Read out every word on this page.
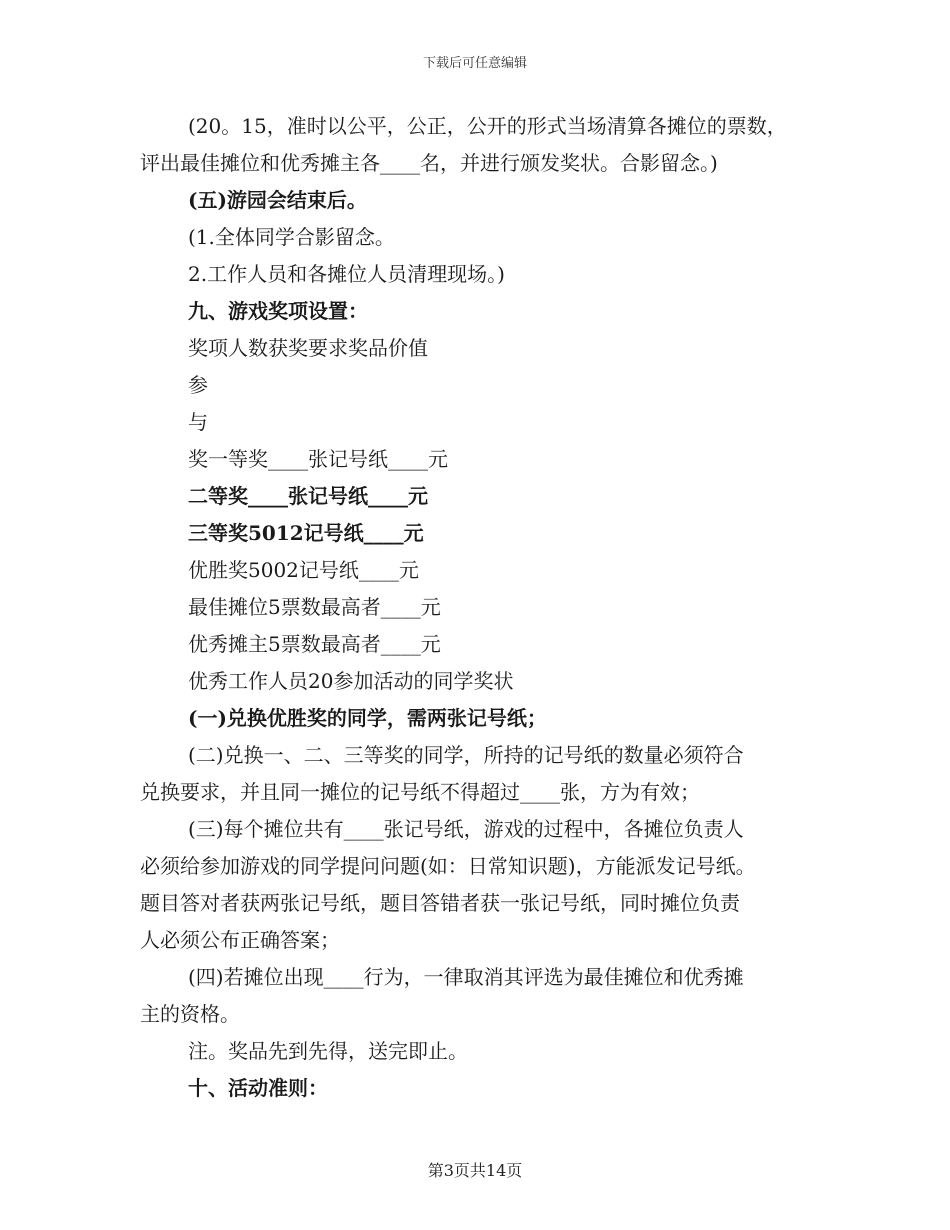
下载后可任意编辑

(20。15，准时以公平，公正，公开的形式当场清算各摊位的票数，

评出最佳摊位和优秀摊主各____名，并进行颁发奖状。合影留念。)

(五)游园会结束后。

(1.全体同学合影留念。

2.工作人员和各摊位人员清理现场。)

九、游戏奖项设置：

奖项人数获奖要求奖品价值

参

与

奖一等奖____张记号纸____元

二等奖____张记号纸____元

三等奖5012记号纸____元

优胜奖5002记号纸____元

最佳摊位5票数最高者____元

优秀摊主5票数最高者____元

优秀工作人员20参加活动的同学奖状

(一)兑换优胜奖的同学，需两张记号纸；

(二)兑换一、二、三等奖的同学，所持的记号纸的数量必须符合

兑换要求，并且同一摊位的记号纸不得超过____张，方为有效；

(三)每个摊位共有____张记号纸，游戏的过程中，各摊位负责人

必须给参加游戏的同学提问问题(如：日常知识题)，方能派发记号纸。

题目答对者获两张记号纸，题目答错者获一张记号纸，同时摊位负责

人必须公布正确答案；

(四)若摊位出现____行为，一律取消其评选为最佳摊位和优秀摊

主的资格。

注。奖品先到先得，送完即止。

十、活动准则：

第3页共14页
